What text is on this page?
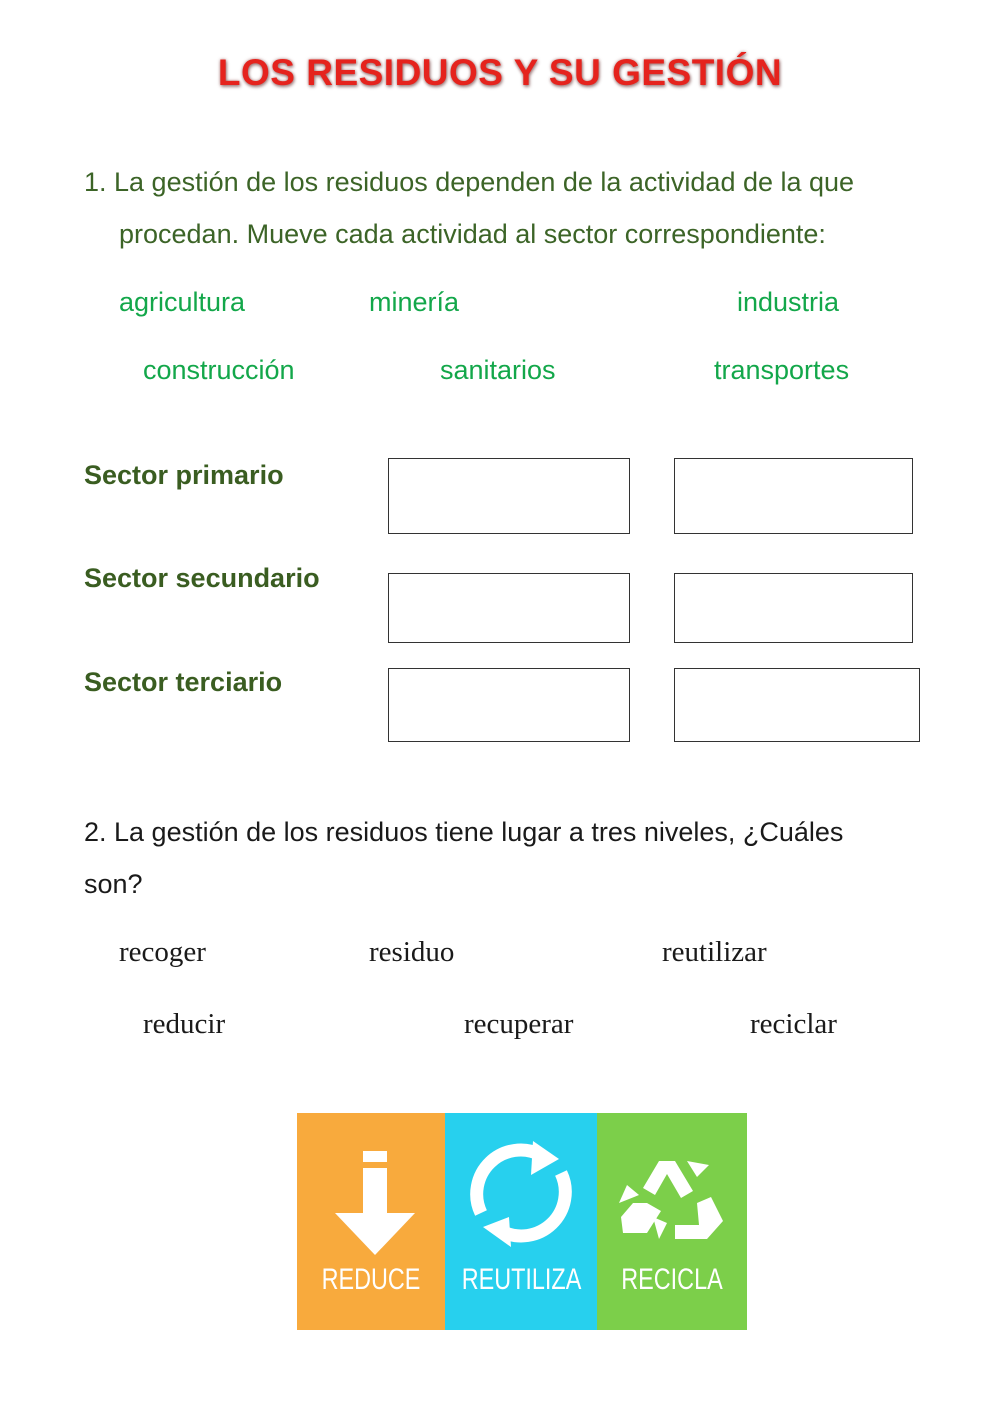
LOS RESIDUOS Y SU GESTIÓN
1. La gestión de los residuos dependen de la actividad de la que
procedan. Mueve cada actividad al sector correspondiente:
agricultura	minería	industria
construcción	sanitarios	transportes
Sector primario
Sector secundario
Sector terciario
2. La gestión de los residuos tiene lugar a tres niveles, ¿Cuáles
son?
recoger	residuo	reutilizar
reducir	recuperar	reciclar
REDUCE REUTILIZA RECICLA
